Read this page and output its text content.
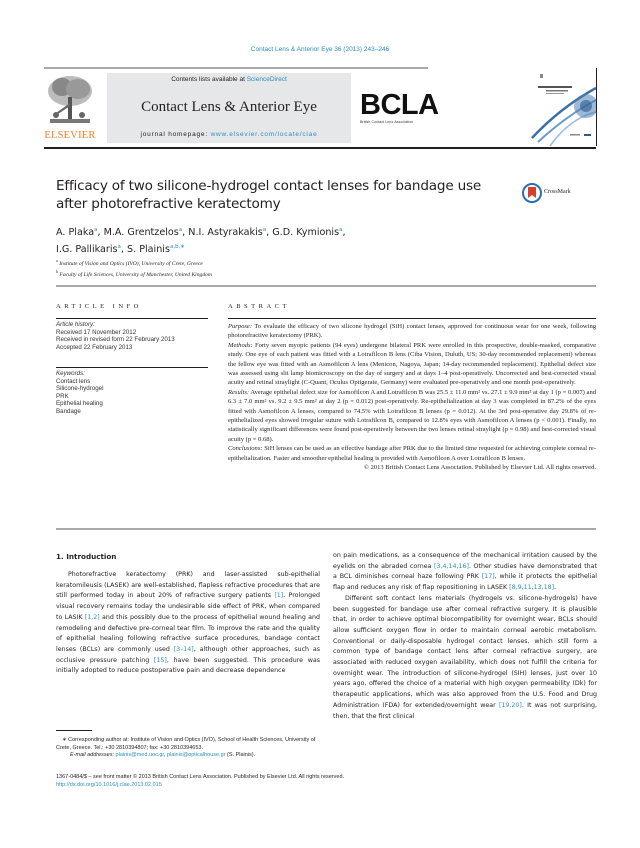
Contact Lens & Anterior Eye 36 (2013) 243–246
ELSEVIER
Contents lists available at ScienceDirect
Contact Lens & Anterior Eye
journal homepage: www.elsevier.com/locate/clae
BCLA
British Contact Lens Association
Efficacy of two silicone-hydrogel contact lenses for bandage use after photorefractive keratectomy
CrossMark
A. Plaka$^a$, M.A. Grentzelos$^a$, N.I. Astyrakakis$^a$, G.D. Kymionis$^a$,
I.G. Pallikaris$^a$, S. Plainis$^{a,b,∗}$
$^a$ Institute of Vision and Optics (IVO), University of Crete, Greece
$^b$ Faculty of Life Sciences, University of Manchester, United Kingdom
ARTICLE INFO
Article history:
Received 17 November 2012
Received in revised form 22 February 2013
Accepted 22 February 2013
Keywords:
Contact lens
Silicone-hydrogel
PRK
Epithelial healing
Bandage
ABSTRACT

Purpose: To evaluate the efficacy of two silicone hydrogel (SiH) contact lenses, approved for continuous wear for one week, following photorefractive keratectomy (PRK).

Methods: Forty seven myopic patients (94 eyes) undergone bilateral PRK were enrolled in this prospective, double-masked, comparative study. One eye of each patient was fitted with a Lotrafilcon B lens (Ciba Vision, Duluth, US; 30-day recommended replacement) whereas the fellow eye was fitted with an Asmofilcon A lens (Menicon, Nagoya, Japan; 14-day recommended replacement). Epithelial defect size was assessed using slit lamp biomicroscopy on the day of surgery and at days 1–4 post-operatively. Uncorrected and best-corrected visual acuity and retinal straylight (C-Quant, Oculus Optigerate, Germany) were evaluated pre-operatively and one month post-operatively.

Results: Average epithelial defect size for Asmofilcon A and Lotrafilcon B was 25.5 ± 11.0 mm² vs. 27.1 ± 9.9 mm² at day 1 (p = 0.007) and 6.3 ± 7.0 mm² vs. 9.2 ± 9.5 mm² at day 2 (p = 0.012) post-operatively. Re-epithelialization at day 3 was completed in 87.2% of the eyes fitted with Asmofilcon A lenses, compared to 74.5% with Lotrafilcon B lenses (p = 0.012). At the 3rd post-operative day 29.8% of re-epithelialized eyes showed irregular suture with Lotrafilcon B, compared to 12.8% eyes with Asmofilcon A lenses (p < 0.001). Finally, no statistically significant differences were found post-operatively between the two lenses retinal straylight (p = 0.98) and best-corrected visual acuity (p = 0.68).

Conclusions: SiH lenses can be used as an effective bandage after PRK due to the limited time requested for achieving complete corneal re-epithelialization. Faster and smoother epithelial healing is provided with Asmofilcon A over Lotrafilcon B lenses.

© 2013 British Contact Lens Association. Published by Elsevier Ltd. All rights reserved.

1. Introduction

Photorefractive keratectomy (PRK) and laser-assisted sub-epithelial keratomileusis (LASEK) are well-established, flapless refractive procedures that are still performed today in about 20% of refractive surgery patients [1]. Prolonged visual recovery remains today the undesirable side effect of PRK, when compared to LASIK [1,2] and this possibly due to the process of epithelial wound healing and remodeling and defective pre-corneal tear film. To improve the rate and the quality of epithelial healing following refractive surface procedures, bandage contact lenses (BCLs) are commonly used [3–14], although other approaches, such as occlusive pressure patching [15], have been suggested. This procedure was initially adopted to reduce postoperative pain and decrease dependence

on pain medications, as a consequence of the mechanical irritation caused by the eyelids on the abraded cornea [3,4,14,16]. Other studies have demonstrated that a BCL diminishes corneal haze following PRK [17], while it protects the epithelial flap and reduces any risk of flap repositioning in LASEK [8,9,11,13,18].

Different soft contact lens materials (hydrogels vs. silicone-hydrogels) have been suggested for bandage use after corneal refractive surgery. It is plausible that, in order to achieve optimal biocompatibility for overnight wear, BCLs should allow sufficient oxygen flow in order to maintain corneal aerobic metabolism. Conventional or daily-disposable hydrogel contact lenses, which still form a common type of bandage contact lens after corneal refractive surgery, are associated with reduced oxygen availability, which does not fulfill the criteria for overnight wear. The introduction of silicone-hydrogel (SIH) lenses, just over 10 years ago, offered the choice of a material with high oxygen permeability (Dk) for therapeutic applications, which was also approved from the U.S. Food and Drug Administration (FDA) for extended/overnight wear [19,20]. It was not surprising, then, that the first clinical

∗ Corresponding author at: Institute of Vision and Optics (IVO), School of Health Sciences, University of Crete, Greece. Tel.: +30 2810394807; fax: +30 2810394653.

E-mail addresses: plainis@med.uoc.gr, plainis@opticalhouse.gr (S. Plainis).

1367-0484/$ – see front matter © 2013 British Contact Lens Association. Published by Elsevier Ltd. All rights reserved.
http://dx.doi.org/10.1016/j.clae.2013.02.015
